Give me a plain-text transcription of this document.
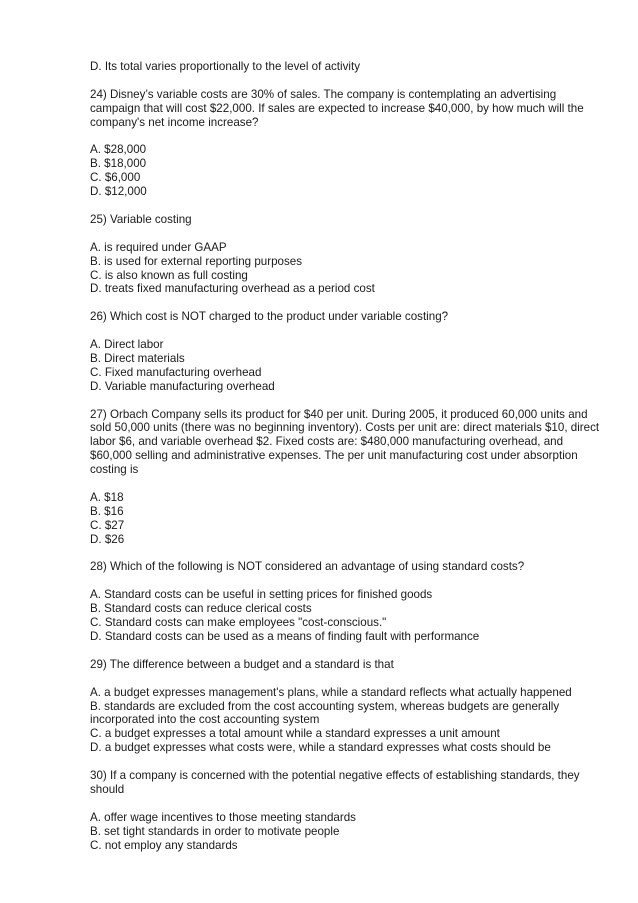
D. Its total varies proportionally to the level of activity
24) Disney’s variable costs are 30% of sales. The company is contemplating an advertising campaign that will cost $22,000. If sales are expected to increase $40,000, by how much will the company's net income increase?
A. $28,000
B. $18,000
C. $6,000
D. $12,000
25) Variable costing
A. is required under GAAP
B. is used for external reporting purposes
C. is also known as full costing
D. treats fixed manufacturing overhead as a period cost
26) Which cost is NOT charged to the product under variable costing?
A. Direct labor
B. Direct materials
C. Fixed manufacturing overhead
D. Variable manufacturing overhead
27) Orbach Company sells its product for $40 per unit. During 2005, it produced 60,000 units and sold 50,000 units (there was no beginning inventory). Costs per unit are: direct materials $10, direct labor $6, and variable overhead $2. Fixed costs are: $480,000 manufacturing overhead, and $60,000 selling and administrative expenses. The per unit manufacturing cost under absorption costing is
A. $18
B. $16
C. $27
D. $26
28) Which of the following is NOT considered an advantage of using standard costs?
A. Standard costs can be useful in setting prices for finished goods
B. Standard costs can reduce clerical costs
C. Standard costs can make employees "cost-conscious."
D. Standard costs can be used as a means of finding fault with performance
29) The difference between a budget and a standard is that
A. a budget expresses management's plans, while a standard reflects what actually happened
B. standards are excluded from the cost accounting system, whereas budgets are generally incorporated into the cost accounting system
C. a budget expresses a total amount while a standard expresses a unit amount
D. a budget expresses what costs were, while a standard expresses what costs should be
30) If a company is concerned with the potential negative effects of establishing standards, they should
A. offer wage incentives to those meeting standards
B. set tight standards in order to motivate people
C. not employ any standards
